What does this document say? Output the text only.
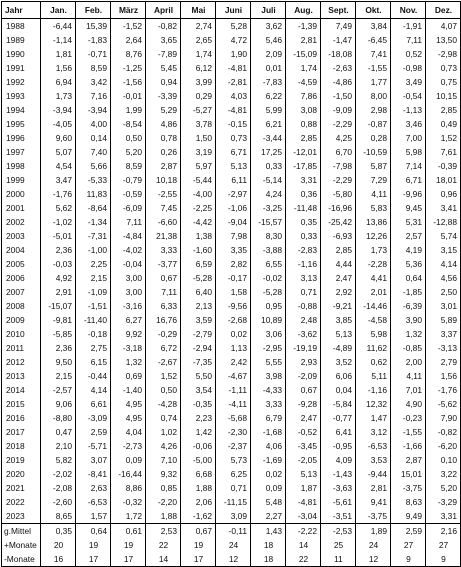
Jahr	Jan.	Feb.	März	April	Mai	Juni	Juli	Aug.	Sept.	Okt.	Nov.	Dez.
1988	-6,44	15,39	-1,52	-0,82	2,74	5,28	3,62	-1,39	7,49	3,84	-1,91	4,07
1989	-1,14	-1,83	2,64	3,65	2,65	4,72	5,46	2,81	-1,47	-6,45	7,11	13,50
1990	1,81	-0,71	8,76	-7,89	1,74	1,90	2,09	-15,09	-18,08	7,41	0,52	-2,98
1991	1,56	8,59	-1,25	5,45	6,12	-4,81	0,01	1,74	-2,63	-1,55	-0,98	0,73
1992	6,94	3,42	-1,56	0,94	3,99	-2,81	-7,83	-4,59	-4,86	1,77	3,49	0,75
1993	1,73	7,16	-0,01	-3,39	0,29	4,03	6,22	7,86	-1,50	8,00	-0,54	10,15
1994	-3,94	-3,94	1,99	5,29	-5,27	-4,81	5,99	3,08	-9,09	2,98	-1,13	2,85
1995	-4,05	4,00	-8,54	4,86	3,78	-0,15	6,21	0,88	-2,29	-0,87	3,46	0,49
1996	9,60	0,14	0,50	0,78	1,50	0,73	-3,44	2,85	4,25	0,28	7,00	1,52
1997	5,07	7,40	5,20	0,26	3,19	6,71	17,25	-12,01	6,70	-10,59	5,98	7,61
1998	4,54	5,66	8,59	2,87	5,97	5,13	0,33	-17,85	-7,98	5,87	7,14	-0,39
1999	3,47	-5,33	-0,79	10,18	-5,44	6,11	-5,14	3,31	-2,29	7,29	6,71	18,01
2000	-1,76	11,83	-0,59	-2,55	-4,00	-2,97	4,24	0,36	-5,80	4,11	-9,96	0,96
2001	5,62	-8,64	-6,09	7,45	-2,25	-1,06	-3,25	-11,48	-16,96	5,83	9,45	3,41
2002	-1,02	-1,34	7,11	-6,60	-4,42	-9,04	-15,57	0,35	-25,42	13,86	5,31	-12,88
2003	-5,01	-7,31	-4,84	21,38	1,38	7,98	8,30	0,33	-6,93	12,26	2,57	5,74
2004	2,36	-1,00	-4,02	3,33	-1,60	3,35	-3,88	-2,83	2,85	1,73	4,19	3,15
2005	-0,03	2,25	-0,04	-3,77	6,59	2,82	6,55	-1,16	4,44	-2,28	5,36	4,14
2006	4,92	2,15	3,00	0,67	-5,28	-0,17	-0,02	3,13	2,47	4,41	0,64	4,56
2007	2,91	-1,09	3,00	7,11	6,40	1,58	-5,28	0,71	2,92	2,01	-1,85	2,50
2008	-15,07	-1,51	-3,16	6,33	2,13	-9,56	0,95	-0,88	-9,21	-14,46	-6,39	3,01
2009	-9,81	-11,40	6,27	16,76	3,59	-2,68	10,89	2,48	3,85	-4,58	3,90	5,89
2010	-5,85	-0,18	9,92	-0,29	-2,79	0,02	3,06	-3,62	5,13	5,98	1,32	3,37
2011	2,36	2,75	-3,18	6,72	-2,94	1,13	-2,95	-19,19	-4,89	11,62	-0,85	-3,13
2012	9,50	6,15	1,32	-2,67	-7,35	2,42	5,55	2,93	3,52	0,62	2,00	2,79
2013	2,15	-0,44	0,69	1,52	5,50	-4,67	3,98	-2,09	6,06	5,11	4,11	1,56
2014	-2,57	4,14	-1,40	0,50	3,54	-1,11	-4,33	0,67	0,04	-1,16	7,01	-1,76
2015	9,06	6,61	4,95	-4,28	-0,35	-4,11	3,33	-9,28	-5,84	12,32	4,90	-5,62
2016	-8,80	-3,09	4,95	0,74	2,23	-5,68	6,79	2,47	-0,77	1,47	-0,23	7,90
2017	0,47	2,59	4,04	1,02	1,42	-2,30	-1,68	-0,52	6,41	3,12	-1,55	-0,82
2018	2,10	-5,71	-2,73	4,26	-0,06	-2,37	4,06	-3,45	-0,95	-6,53	-1,66	-6,20
2019	5,82	3,07	0,09	7,10	-5,00	5,73	-1,69	-2,05	4,09	3,53	2,87	0,10
2020	-2,02	-8,41	-16,44	9,32	6,68	6,25	0,02	5,13	-1,43	-9,44	15,01	3,22
2021	-2,08	2,63	8,86	0,85	1,88	0,71	0,09	1,87	-3,63	2,81	-3,75	5,20
2022	-2,60	-6,53	-0,32	-2,20	2,06	-11,15	5,48	-4,81	-5,61	9,41	8,63	-3,29
2023	8,65	1,57	1,72	1,88	-1,62	3,09	2,27	-3,04	-3,51	-3,75	9,49	3,31
g.Mittel	0,35	0,64	0,61	2,53	0,67	-0,11	1,43	-2,22	-2,53	1,89	2,59	2,16
+Monate	20	19	19	22	19	24	18	14	25	24	27	27
-Monate	16	17	17	14	17	12	18	22	11	12	9	9
